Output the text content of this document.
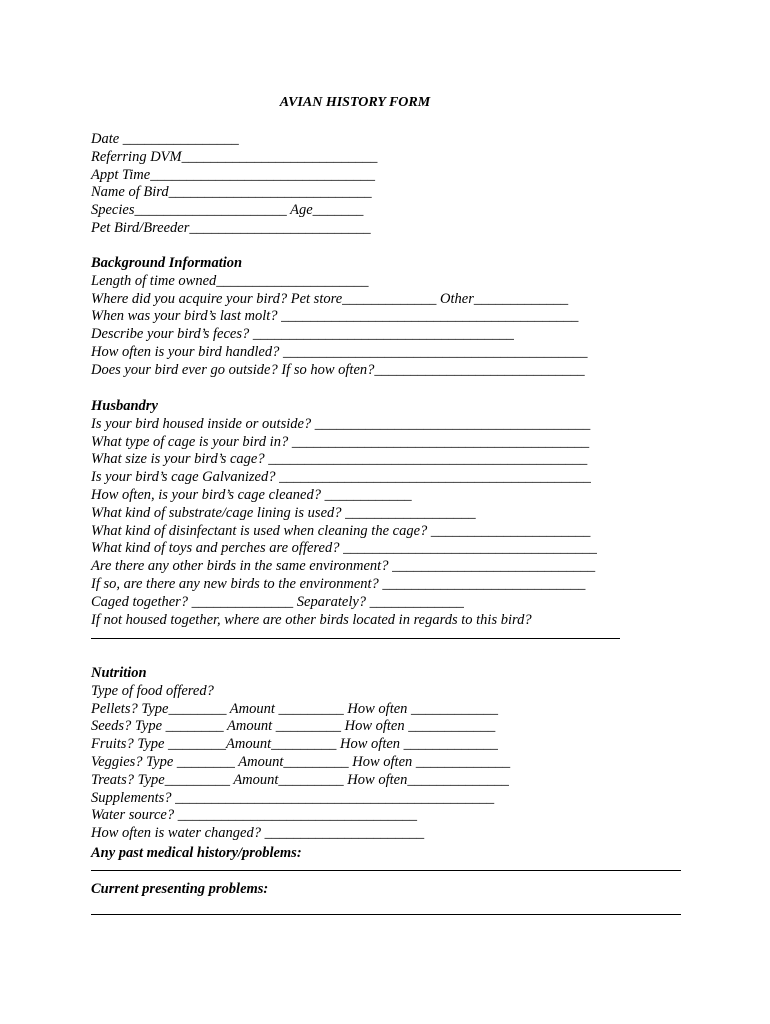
AVIAN HISTORY FORM
Date ________________
Referring DVM___________________________
Appt Time_______________________________
Name of Bird____________________________
Species_____________________ Age_______
Pet Bird/Breeder_________________________
Background Information
Length of time owned_____________________
Where did you acquire your bird? Pet store_____________ Other_____________
When was your bird’s last molt? _________________________________________
Describe your bird’s feces? ____________________________________
How often is your bird handled? __________________________________________
Does your bird ever go outside? If so how often?_____________________________
Husbandry
Is your bird housed inside or outside? ______________________________________
What type of cage is your bird in? _________________________________________
What size is your bird’s cage? ____________________________________________
Is your bird’s cage Galvanized? ___________________________________________
How often, is your bird’s cage cleaned? ____________
What kind of substrate/cage lining is used? __________________
What kind of disinfectant is used when cleaning the cage? ______________________
What kind of toys and perches are offered? ___________________________________
Are there any other birds in the same environment? ____________________________
If so, are there any new birds to the environment? ____________________________
Caged together? ______________ Separately? _____________
If not housed together, where are other birds located in regards to this bird?
Nutrition
Type of food offered?
Pellets? Type________ Amount _________ How often ____________
Seeds? Type ________ Amount _________ How often ____________
Fruits? Type ________Amount_________ How often _____________
Veggies? Type ________ Amount_________ How often _____________
Treats? Type_________ Amount_________ How often______________
Supplements? ____________________________________________
Water source? _________________________________
How often is water changed? ______________________
Any past medical history/problems:
Current presenting problems:
